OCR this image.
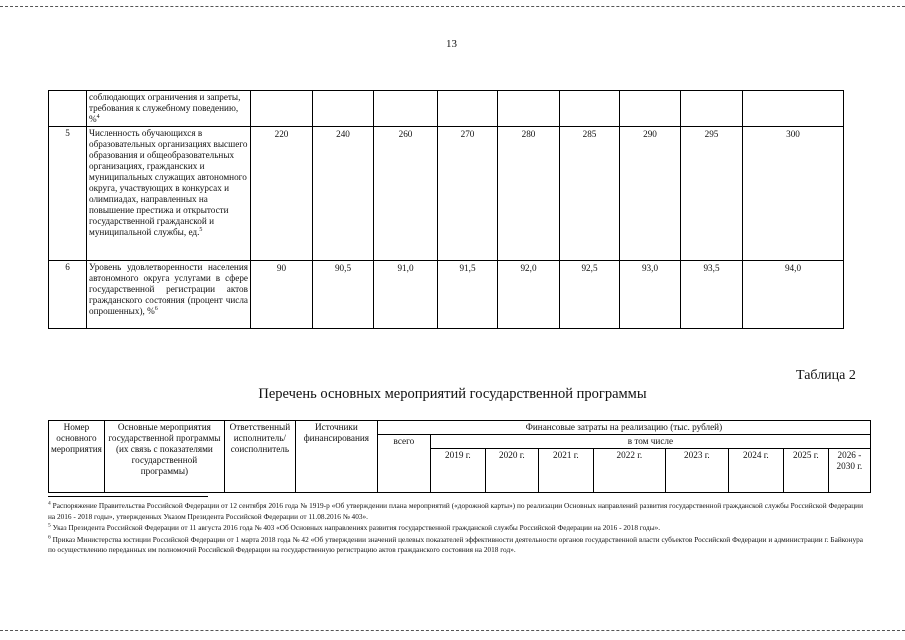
13
	соблюдающих ограничения и запреты, требования к служебному поведению, %$^4$									
5	Численность обучающихся в образовательных организациях высшего образования и общеобразовательных организациях, гражданских и муниципальных служащих автономного округа, участвующих в конкурсах и олимпиадах, направленных на повышение престижа и открытости государственной гражданской и муниципальной службы, ед.$^5$	220	240	260	270	280	285	290	295	300
6	Уровень удовлетворенности населения автономного округа услугами в сфере государственной регистрации актов гражданского состояния (процент числа опрошенных), %$^6$	90	90,5	91,0	91,5	92,0	92,5	93,0	93,5	94,0
Таблица 2
Перечень основных мероприятий государственной программы
Номер основного мероприятия	Основные мероприятия государственной программы (их связь с показателями государственной программы)	Ответственный исполнитель/соисполнитель	Источники финансирования	Финансовые затраты на реализацию (тыс. рублей)								
				всего	в том числе							
					2019 г.	2020 г.	2021 г.	2022 г.	2023 г.	2024 г.	2025 г.	2026 - 2030 г.

$^4$ Распоряжение Правительства Российской Федерации от 12 сентября 2016 года № 1919-р «Об утверждении плана мероприятий («дорожной карты») по реализации Основных направлений развития государственной гражданской службы Российской Федерации на 2016 - 2018 годы», утвержденных Указом Президента Российской Федерации от 11.08.2016 № 403».

$^5$ Указ Президента Российской Федерации от 11 августа 2016 года № 403 «Об Основных направлениях развития государственной гражданской службы Российской Федерации на 2016 - 2018 годы».

$^6$ Приказ Министерства юстиции Российской Федерации от 1 марта 2018 года № 42 «Об утверждении значений целевых показателей эффективности деятельности органов государственной власти субъектов Российской Федерации и администрации г. Байконура по осуществлению переданных им полномочий Российской Федерации на государственную регистрацию актов гражданского состояния на 2018 год».
